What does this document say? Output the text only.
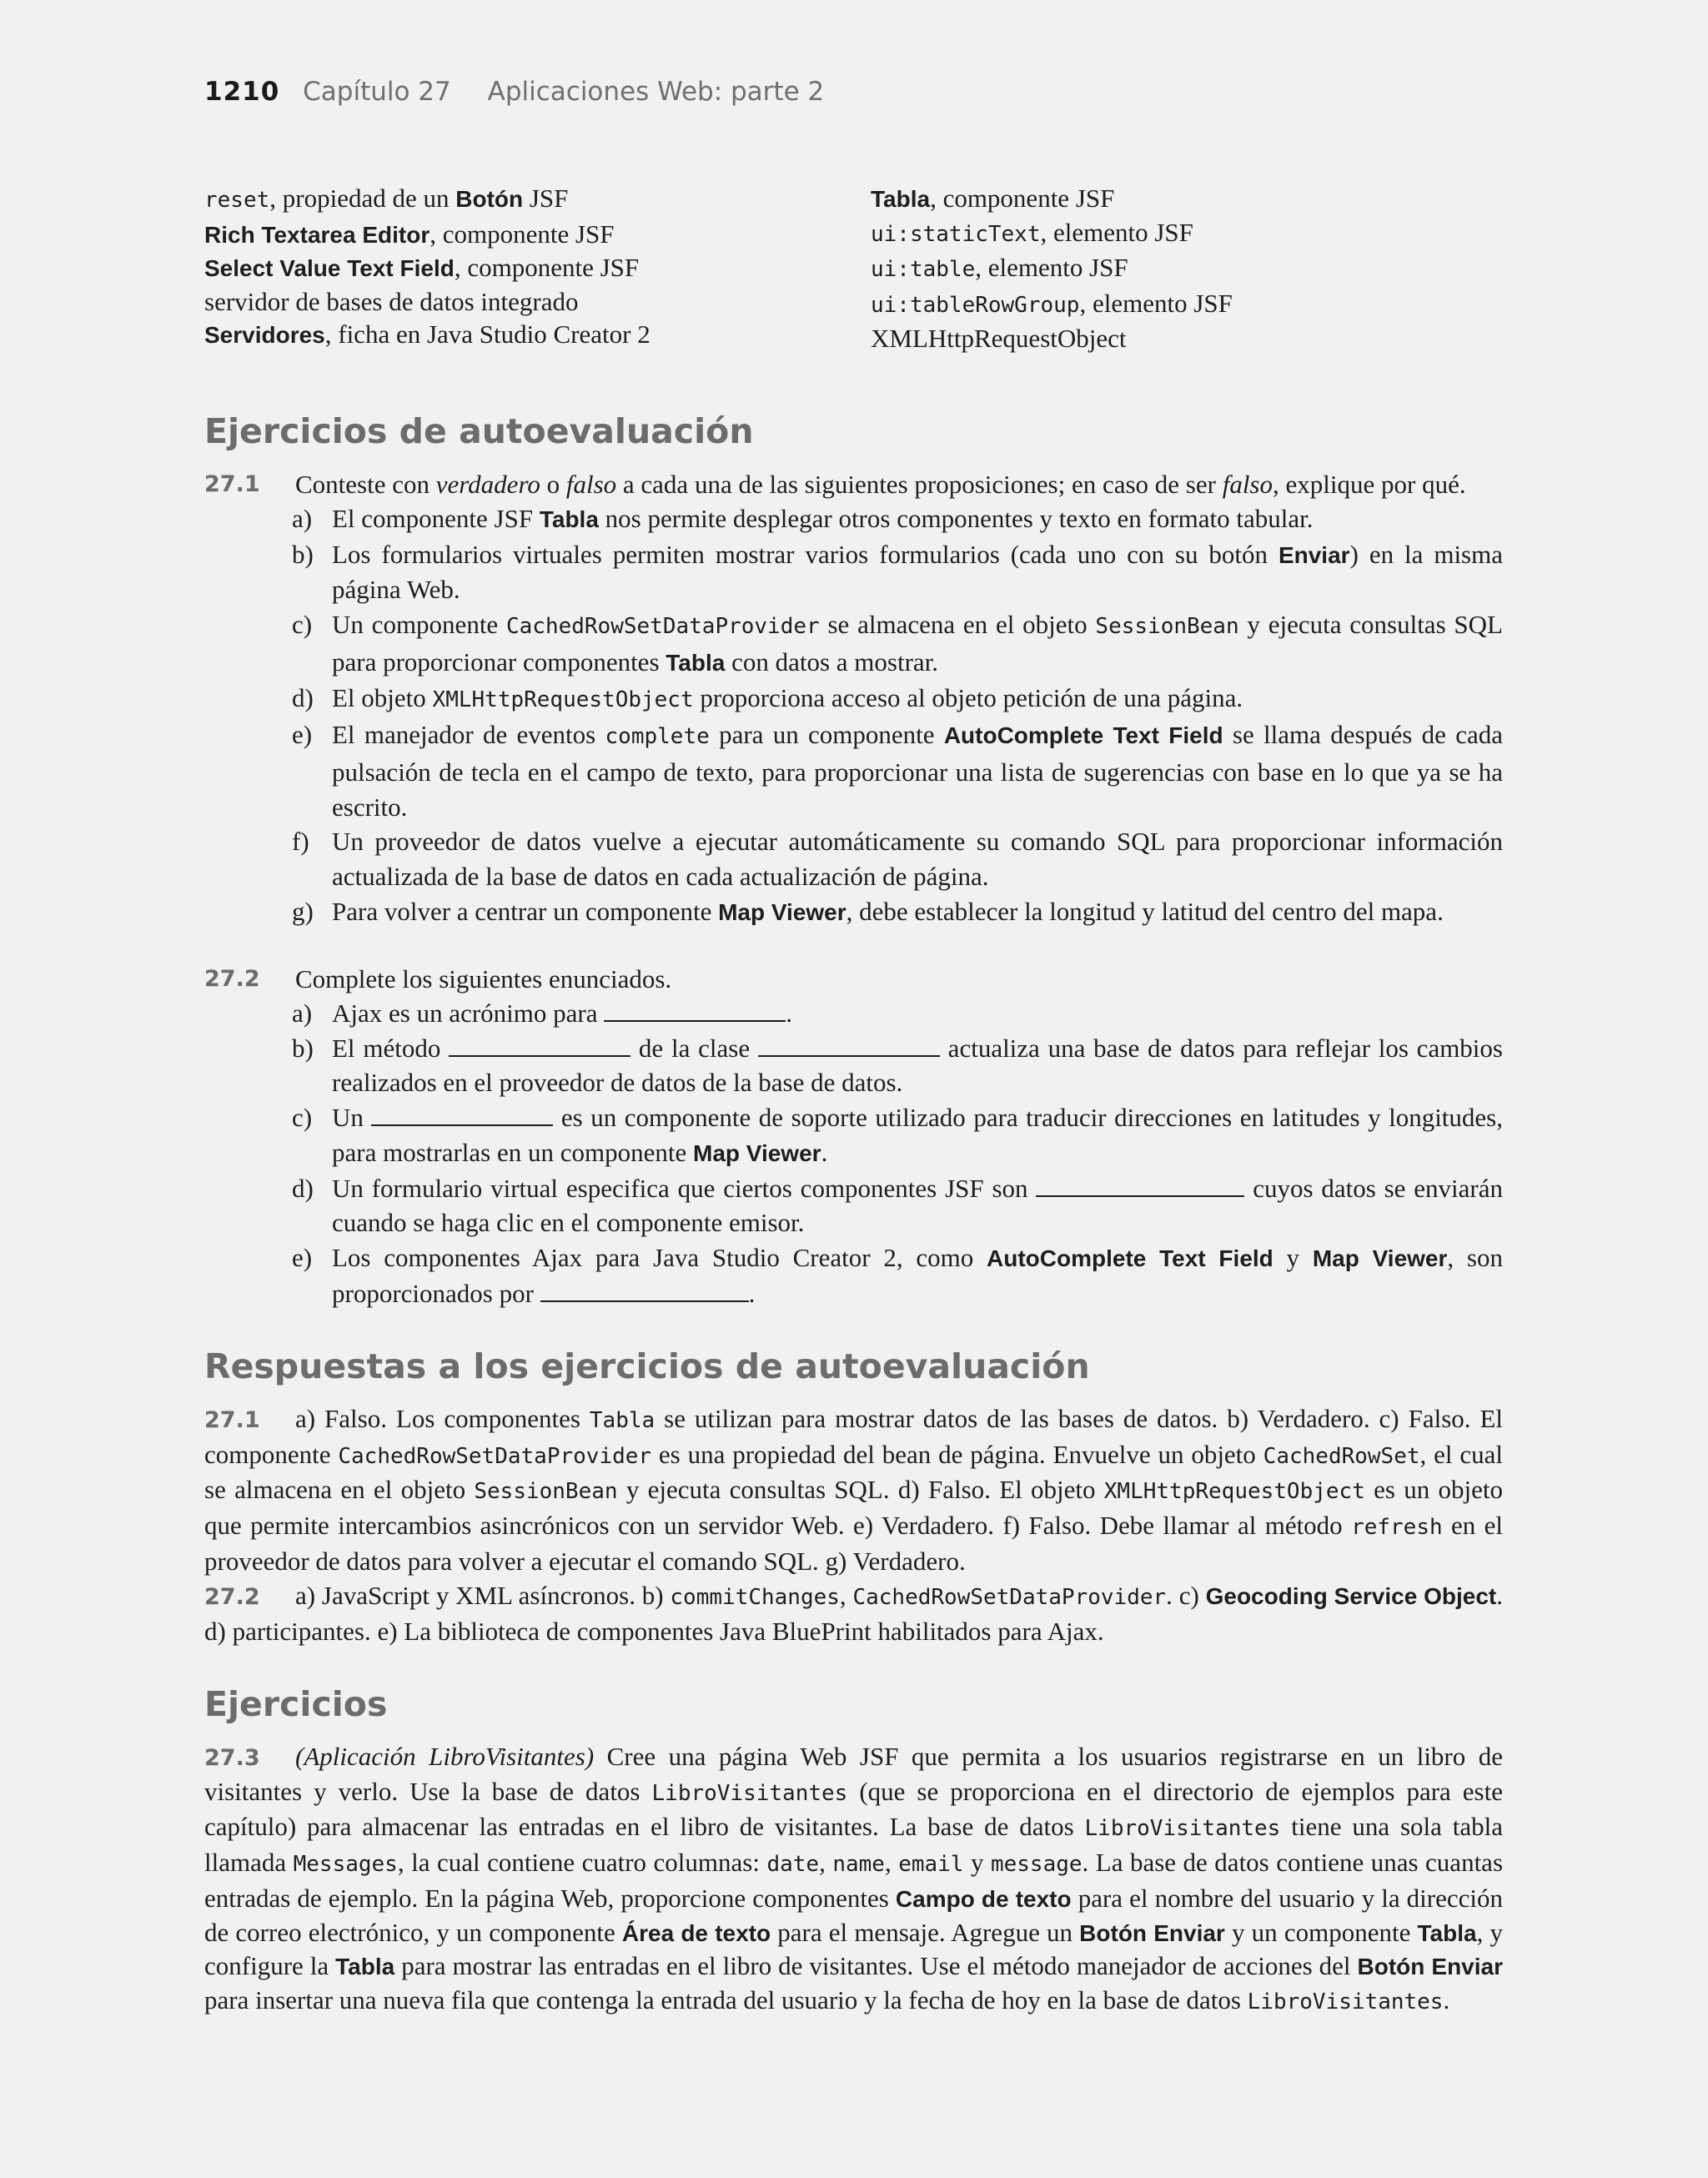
1210 Capítulo 27 Aplicaciones Web: parte 2
reset, propiedad de un Botón JSF
Rich Textarea Editor, componente JSF
Select Value Text Field, componente JSF
servidor de bases de datos integrado
Servidores, ficha en Java Studio Creator 2
Tabla, componente JSF
ui:staticText, elemento JSF
ui:table, elemento JSF
ui:tableRowGroup, elemento JSF
XMLHttpRequestObject
Ejercicios de autoevaluación
27.1 Conteste con verdadero o falso a cada una de las siguientes proposiciones; en caso de ser falso, explique por qué.
a) El componente JSF Tabla nos permite desplegar otros componentes y texto en formato tabular.
b) Los formularios virtuales permiten mostrar varios formularios (cada uno con su botón Enviar) en la misma página Web.
c) Un componente CachedRowSetDataProvider se almacena en el objeto SessionBean y ejecuta consultas SQL para proporcionar componentes Tabla con datos a mostrar.
d) El objeto XMLHttpRequestObject proporciona acceso al objeto petición de una página.
e) El manejador de eventos complete para un componente AutoComplete Text Field se llama después de cada pulsación de tecla en el campo de texto, para proporcionar una lista de sugerencias con base en lo que ya se ha escrito.
f) Un proveedor de datos vuelve a ejecutar automáticamente su comando SQL para proporcionar información actualizada de la base de datos en cada actualización de página.
g) Para volver a centrar un componente Map Viewer, debe establecer la longitud y latitud del centro del mapa.
27.2 Complete los siguientes enunciados.
a) Ajax es un acrónimo para	.
b) El método	de la clase	actualiza una base de datos para reflejar los cambios realizados en el proveedor de datos de la base de datos.
c) Un	es un componente de soporte utilizado para traducir direcciones en latitudes y longitudes, para mostrarlas en un componente Map Viewer.
d) Un formulario virtual especifica que ciertos componentes JSF son	cuyos datos se enviarán cuando se haga clic en el componente emisor.
e) Los componentes Ajax para Java Studio Creator 2, como AutoComplete Text Field y Map Viewer, son proporcionados por	.
Respuestas a los ejercicios de autoevaluación

27.1 a) Falso. Los componentes Tabla se utilizan para mostrar datos de las bases de datos. b) Verdadero. c) Falso. El componente CachedRowSetDataProvider es una propiedad del bean de página. Envuelve un objeto CachedRowSet, el cual se almacena en el objeto SessionBean y ejecuta consultas SQL. d) Falso. El objeto XMLHttpRequestObject es un objeto que permite intercambios asincrónicos con un servidor Web. e) Verdadero. f) Falso. Debe llamar al método refresh en el proveedor de datos para volver a ejecutar el comando SQL. g) Verdadero.

27.2 a) JavaScript y XML asíncronos. b) commitChanges, CachedRowSetDataProvider. c) Geocoding Service Object. d) participantes. e) La biblioteca de componentes Java BluePrint habilitados para Ajax.

Ejercicios

27.3 (Aplicación LibroVisitantes) Cree una página Web JSF que permita a los usuarios registrarse en un libro de visitantes y verlo. Use la base de datos LibroVisitantes (que se proporciona en el directorio de ejemplos para este capítulo) para almacenar las entradas en el libro de visitantes. La base de datos LibroVisitantes tiene una sola tabla llamada Messages, la cual contiene cuatro columnas: date, name, email y message. La base de datos contiene unas cuantas entradas de ejemplo. En la página Web, proporcione componentes Campo de texto para el nombre del usuario y la dirección de correo electrónico, y un componente Área de texto para el mensaje. Agregue un Botón Enviar y un componente Tabla, y configure la Tabla para mostrar las entradas en el libro de visitantes. Use el método manejador de acciones del Botón Enviar para insertar una nueva fila que contenga la entrada del usuario y la fecha de hoy en la base de datos LibroVisitantes.
